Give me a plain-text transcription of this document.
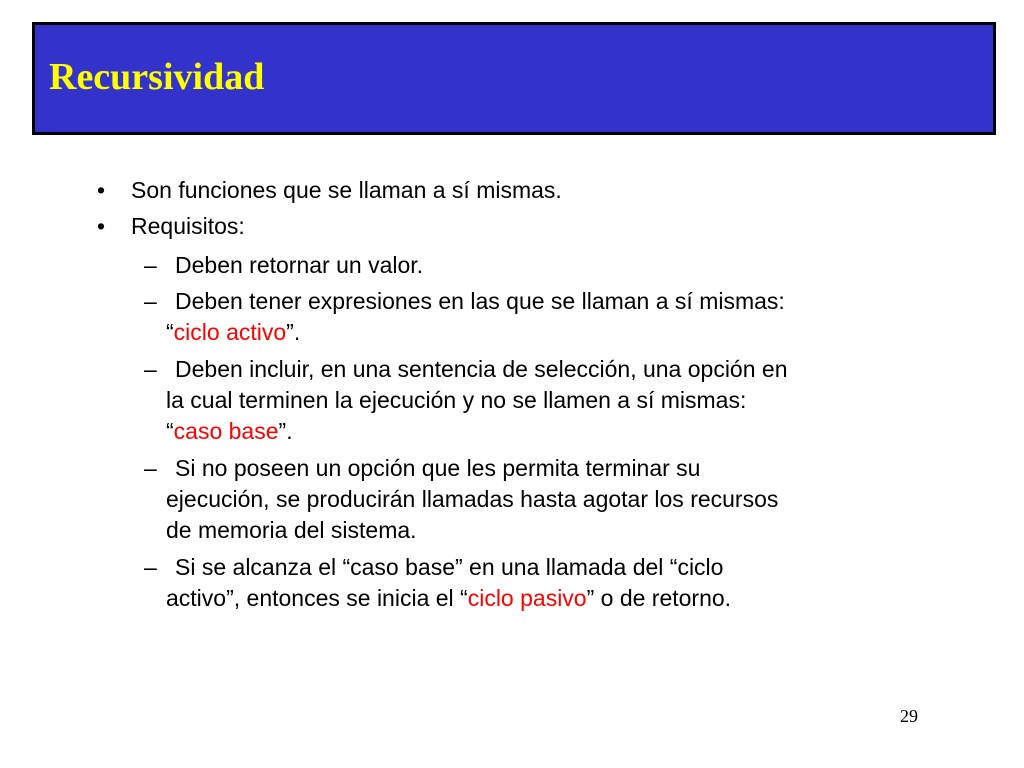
Recursividad
• Son funciones que se llaman a sí mismas.
• Requisitos:
– Deben retornar un valor.
– Deben tener expresiones en las que se llaman a sí mismas:
“ciclo activo”.
– Deben incluir, en una sentencia de selección, una opción en
la cual terminen la ejecución y no se llamen a sí mismas:
“caso base”.
– Si no poseen un opción que les permita terminar su
ejecución, se producirán llamadas hasta agotar los recursos
de memoria del sistema.
– Si se alcanza el “caso base” en una llamada del “ciclo
activo”, entonces se inicia el “ciclo pasivo” o de retorno.
29
